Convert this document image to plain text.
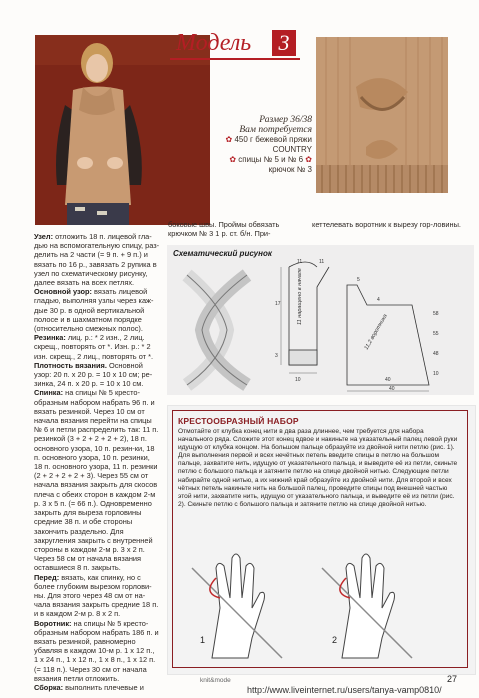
Модель 3
Размер 36/38
Вам потребуется
✿ 450 г бежевой пряжи COUNTRY
✿ спицы № 5 и № 6 ✿ крючок № 3

Узел: отложить 18 п. лицевой гла-дью на вспомогательную спицу, раз-делить на 2 части (= 9 п. + 9 п.) и вязать по 16 р., завязать 2 рупика в узел по схематическому рисунку, далее вязать на всех петлях.

Основной узор: вязать лицевой гладью, выполняя узлы через каж-дые 30 р. в одной вертикальной полосе и в шахматном порядке (относительно смежных полос).

Резинка: лиц. р.: * 2 изн., 2 лиц. скрещ., повторять от *. Изн. р.: * 2 изн. скрещ., 2 лиц., повторять от *.

Плотность вязания. Основной узор: 20 п. х 20 р. = 10 х 10 см; ре-зинка, 24 п. х 20 р. = 10 х 10 см.

Спинка: на спицы № 5 кресто-образным набором набрать 96 п. и вязать резинкой. Через 10 см от начала вязания перейти на спицы № 6 и петли распределить так: 11 п. резинкой (3 + 2 + 2 + 2 + 2), 18 п. основного узора, 10 п. резин-ки, 18 п. основного узора, 10 п. резинки, 18 п. основного узора, 11 п. резинки (2 + 2 + 2 + 2 + 3). Через 55 см от начала вязания закрыть для скосов плеча с обеих сторон в каждом 2-м р. 3 х 5 п. (= 66 п.). Одновременно закрыть для выреза горловины средние 38 п. и обе стороны закончить раздельно. Для закругления закрыть с внутренней стороны в каждом 2-м р. 3 х 2 п. Через 58 см от начала вязания оставшиеся 8 п. закрыть.

Перед: вязать, как спинку, но с более глубоким вырезом горлови-ны. Для этого через 48 см от на-чала вязания закрыть средние 18 п. и в каждом 2-м р. 8 х 2 п.

Воротник: на спицы № 5 кресто-образным набором набрать 186 п. и вязать резинкой, равномерно убавляя в каждом 10-м р. 1 х 12 п., 1 х 24 п., 1 х 12 п., 1 х 8 п., 1 х 12 п. (= 118 п.). Через 30 см от начала вязания петли отложить.

Сборка: выполнить плечевые и

боковые швы. Проймы обвязать крючком № 3 1 р. ст. б/н. При-

кеттелевать воротник к вырезу гор-ловины.

Схематический рисунок
11 наращено в начале
11,2 воротника
11	11
10	40
3
17
5
4
58
55
48
10
40
КРЕСТООБРАЗНЫЙ НАБОР
Отмотайте от клубка конец нити в два раза длиннее, чем требуется для набора начального ряда. Сложите этот конец вдвое и накиньте на указательный палец левой руки идущую от клубка концом. На большом пальце образуйте из двойной нити петлю (рис. 1). Для выполнения первой и всех нечётных петель введите спицы в петлю на большом пальце, захватите нить, идущую от указательного пальца, и выведите её из петли, скиньте петлю с большого пальца и затяните петлю на спице двойной нитью. Следующие петли набирайте одной нитью, а их нижний край образуйте из двойной нити. Для второй и всех чётных петель накиньте нить на большой палец, проведите спицы под внешней частью этой нити, захватите нить, идущую от указательного пальца, и выведите её из петли (рис. 2). Скиньте петлю с большого пальца и затяните петлю на спице двойной нитью.
1	2
knit&mode	27
http://www.liveinternet.ru/users/tanya-vamp0810/
